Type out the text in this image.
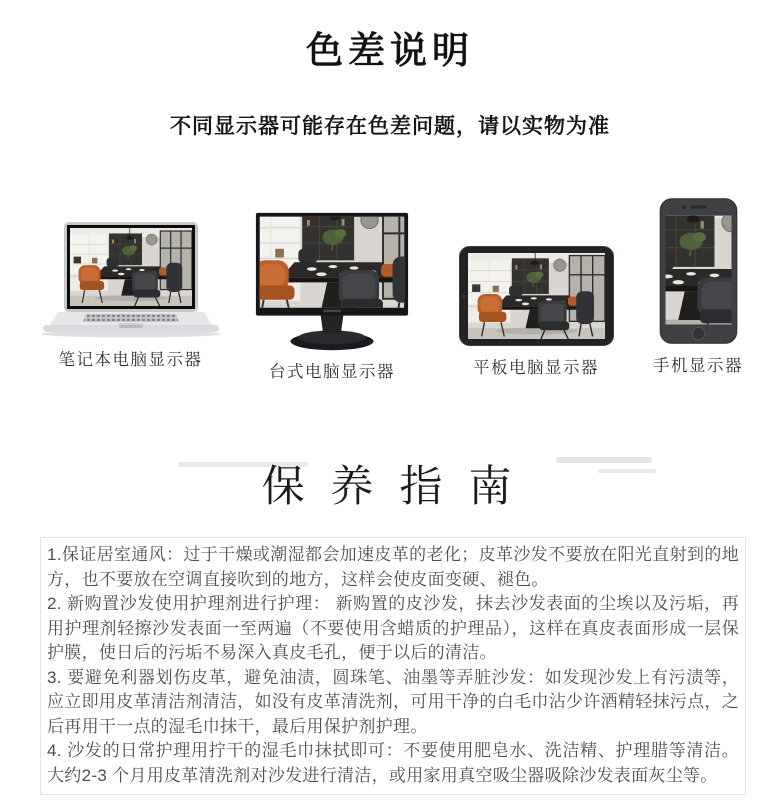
色差说明

不同显示器可能存在色差问题，请以实物为准

笔记本电脑显示器
台式电脑显示器	平板电脑显示器	手机显示器
保 养 指 南

1.保证居室通风：过于干燥或潮湿都会加速皮革的老化；皮革沙发不要放在阳光直射到的地方，也不要放在空调直接吹到的地方，这样会使皮面变硬、褪色。

2. 新购置沙发使用护理剂进行护理： 新购置的皮沙发，抹去沙发表面的尘埃以及污垢，再用护理剂轻擦沙发表面一至两遍（不要使用含蜡质的护理品），这样在真皮表面形成一层保护膜，使日后的污垢不易深入真皮毛孔，便于以后的清洁。

3. 要避免利器划伤皮革，避免油渍，圆珠笔、油墨等弄脏沙发：如发现沙发上有污渍等，应立即用皮革清洁剂清洁，如没有皮革清洗剂，可用干净的白毛巾沾少许酒精轻抹污点，之后再用干一点的湿毛巾抹干，最后用保护剂护理。

4. 沙发的日常护理用拧干的湿毛巾抹拭即可：不要使用肥皂水、洗洁精、护理腊等清洁。大约2-3 个月用皮革清洗剂对沙发进行清洁，或用家用真空吸尘器吸除沙发表面灰尘等。
